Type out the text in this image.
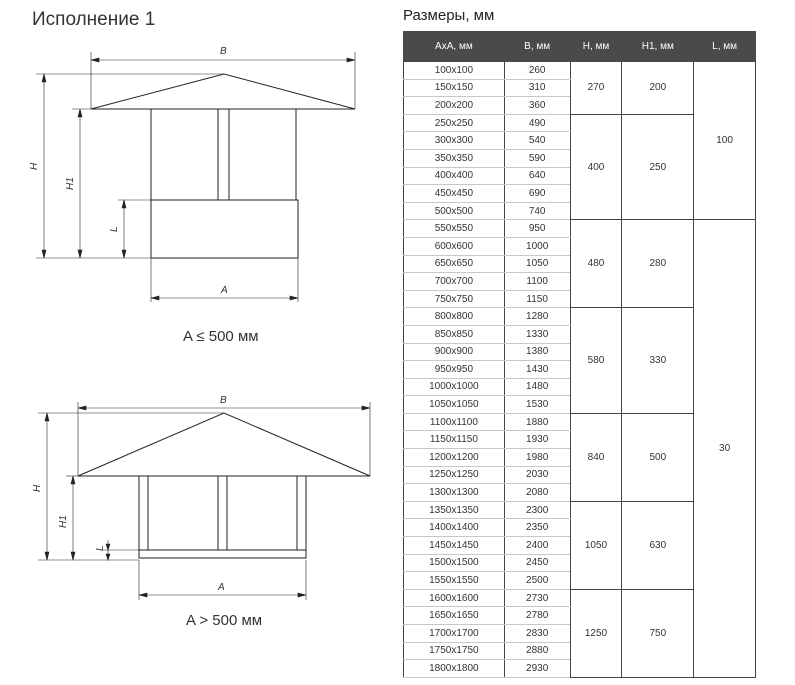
Исполнение 1	Размеры, мм
B
H
H1
L
A
B
H
H1
L
A
A ≤ 500 мм
A > 500 мм
AxA, мм	B, мм	H, мм	H1, мм	L, мм
100x100	260	270	200	100
150x150	310			
200x200	360			
250x250	490	400	250	
300x300	540			
350x350	590			
400x400	640			
450x450	690			
500x500	740			
550x550	950	480	280	30
600x600	1000			
650x650	1050			
700x700	1100			
750x750	1150			
800x800	1280	580	330	
850x850	1330			
900x900	1380			
950x950	1430			
1000x1000	1480			
1050x1050	1530			
1100x1100	1880	840	500	
1150x1150	1930			
1200x1200	1980			
1250x1250	2030			
1300x1300	2080			
1350x1350	2300	1050	630	
1400x1400	2350			
1450x1450	2400			
1500x1500	2450			
1550x1550	2500			
1600x1600	2730	1250	750	
1650x1650	2780			
1700x1700	2830			
1750x1750	2880			
1800x1800	2930			
